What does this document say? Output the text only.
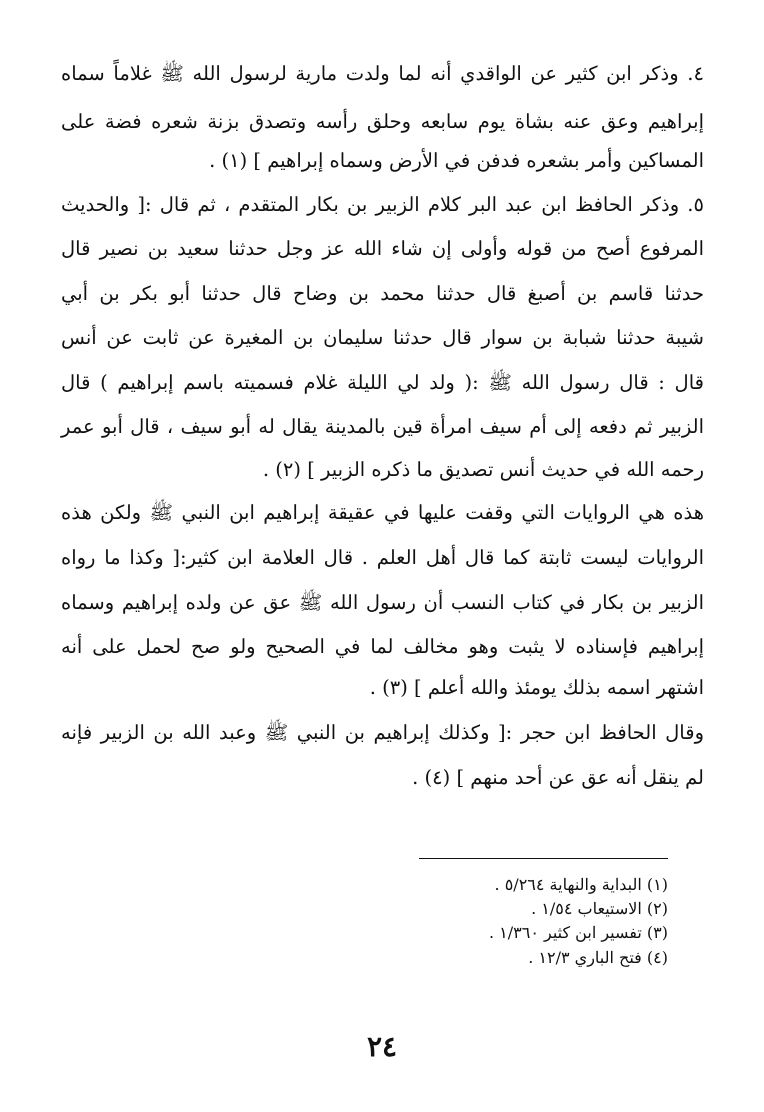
٤. وذكر ابن كثير عن الواقدي أنه لما ولدت مارية لرسول الله ﷺ غلاماً سماه
إبراهيم وعق عنه بشاة يوم سابعه وحلق رأسه وتصدق بزنة شعره فضة على
المساكين وأمر بشعره فدفن في الأرض وسماه إبراهيم ] (١) .
٥. وذكر الحافظ ابن عبد البر كلام الزبير بن بكار المتقدم ، ثم قال :[ والحديث
المرفوع أصح من قوله وأولى إن شاء الله عز وجل حدثنا سعيد بن نصير قال
حدثنا قاسم بن أصبغ قال حدثنا محمد بن وضاح قال حدثنا أبو بكر بن أبي
شيبة حدثنا شبابة بن سوار قال حدثنا سليمان بن المغيرة عن ثابت عن أنس
قال : قال رسول الله ﷺ :( ولد لي الليلة غلام فسميته باسم إبراهيم ) قال
الزبير ثم دفعه إلى أم سيف امرأة قين بالمدينة يقال له أبو سيف ، قال أبو عمر
رحمه الله في حديث أنس تصديق ما ذكره الزبير ] (٢) .
هذه هي الروايات التي وقفت عليها في عقيقة إبراهيم ابن النبي ﷺ ولكن هذه
الروايات ليست ثابتة كما قال أهل العلم . قال العلامة ابن كثير:[ وكذا ما رواه
الزبير بن بكار في كتاب النسب أن رسول الله ﷺ عق عن ولده إبراهيم وسماه
إبراهيم فإسناده لا يثبت وهو مخالف لما في الصحيح ولو صح لحمل على أنه
اشتهر اسمه بذلك يومئذ والله أعلم ] (٣) .
وقال الحافظ ابن حجر :[ وكذلك إبراهيم بن النبي ﷺ وعبد الله بن الزبير فإنه
لم ينقل أنه عق عن أحد منهم ] (٤) .
(١) البداية والنهاية ٥/٢٦٤ .
(٢) الاستيعاب ١/٥٤ .
(٣) تفسير ابن كثير ١/٣٦٠ .
(٤) فتح الباري ١٢/٣ .
٢٤
